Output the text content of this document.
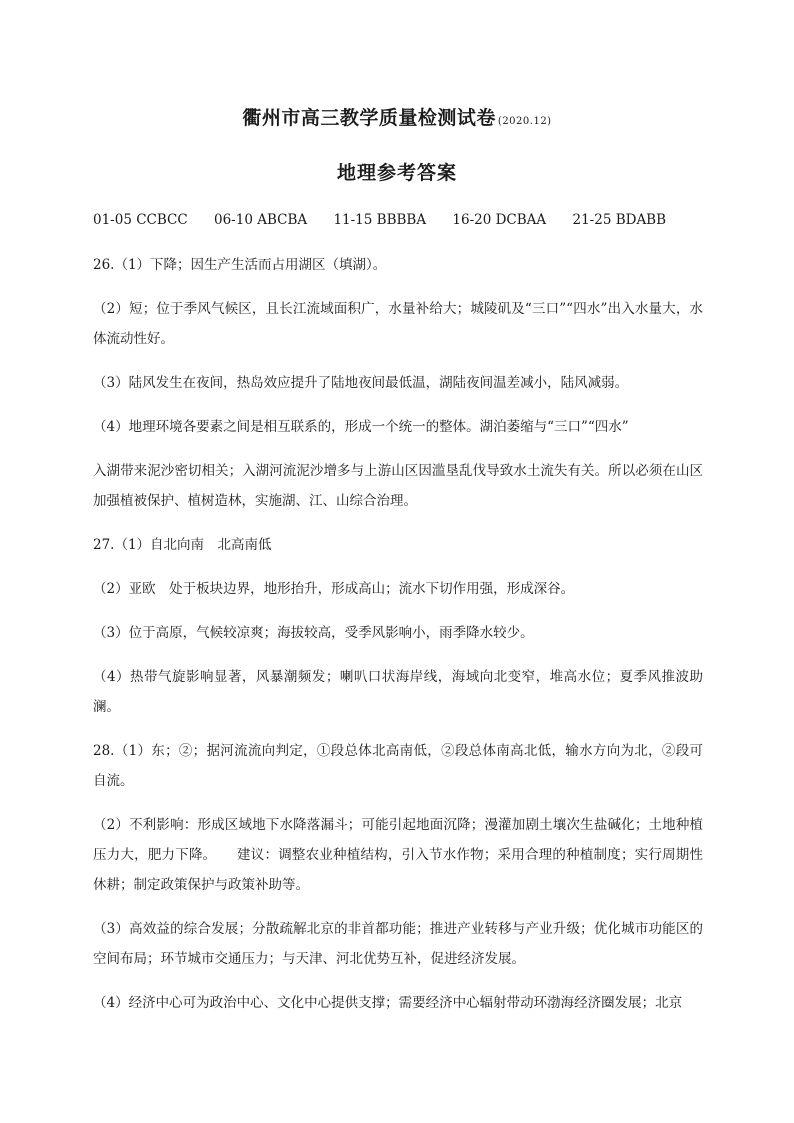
衢州市高三教学质量检测试卷 (2020.12)
地理参考答案
01-05 CCBCC 06-10 ABCBA 11-15 BBBBA 16-20 DCBAA 21-25 BDABB

26.（1）下降；因生产生活而占用湖区（填湖）。

（2）短；位于季风气候区，且长江流域面积广，水量补给大；城陵矶及“三口”“四水”出入水量大，水体流动性好。

（3）陆风发生在夜间，热岛效应提升了陆地夜间最低温，湖陆夜间温差减小，陆风减弱。

（4）地理环境各要素之间是相互联系的，形成一个统一的整体。湖泊萎缩与“三口”“四水”

入湖带来泥沙密切相关；入湖河流泥沙增多与上游山区因滥垦乱伐导致水土流失有关。所以必须在山区加强植被保护、植树造林，实施湖、江、山综合治理。

27.（1）自北向南　北高南低

（2）亚欧　处于板块边界，地形抬升，形成高山；流水下切作用强，形成深谷。

（3）位于高原，气候较凉爽；海拔较高，受季风影响小，雨季降水较少。

（4）热带气旋影响显著，风暴潮频发；喇叭口状海岸线，海域向北变窄，堆高水位；夏季风推波助澜。

28.（1）东；②；据河流流向判定，①段总体北高南低，②段总体南高北低，输水方向为北，②段可自流。

（2）不利影响：形成区域地下水降落漏斗；可能引起地面沉降；漫灌加剧土壤次生盐碱化；土地种植压力大，肥力下降。　　建议：调整农业种植结构，引入节水作物；采用合理的种植制度；实行周期性休耕；制定政策保护与政策补助等。

（3）高效益的综合发展；分散疏解北京的非首都功能；推进产业转移与产业升级；优化城市功能区的空间布局；环节城市交通压力；与天津、河北优势互补，促进经济发展。

（4）经济中心可为政治中心、文化中心提供支撑；需要经济中心辐射带动环渤海经济圈发展；北京
